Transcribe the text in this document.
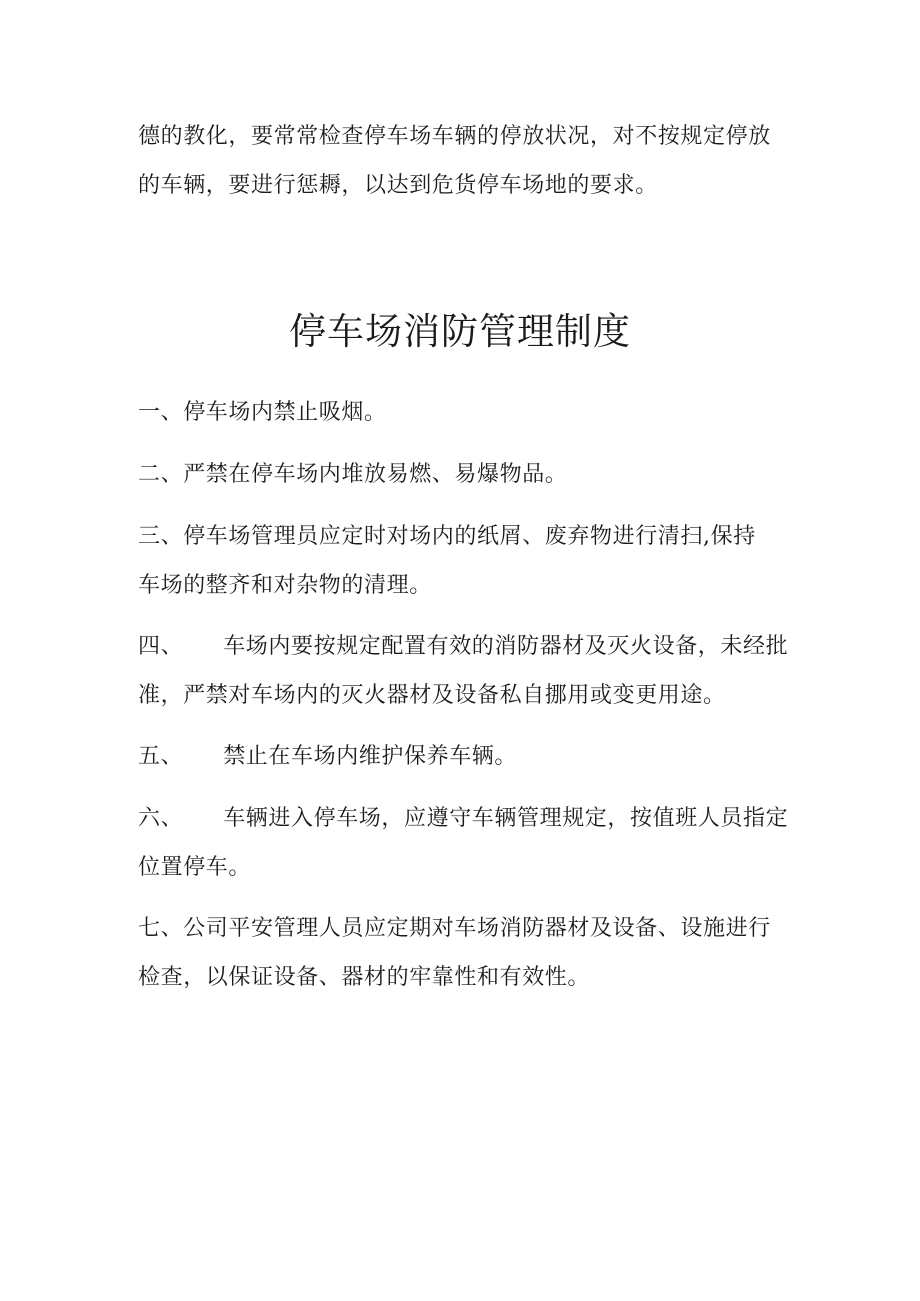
德的教化，要常常检查停车场车辆的停放状况，对不按规定停放
的车辆，要进行惩耨，以达到危货停车场地的要求。
停车场消防管理制度
一、停车场内禁止吸烟。
二、严禁在停车场内堆放易燃、易爆物品。
三、停车场管理员应定时对场内的纸屑、废弃物进行清扫,保持
车场的整齐和对杂物的清理。
四、 车场内要按规定配置有效的消防器材及灭火设备，未经批
准，严禁对车场内的灭火器材及设备私自挪用或变更用途。
五、 禁止在车场内维护保养车辆。
六、 车辆进入停车场，应遵守车辆管理规定，按值班人员指定
位置停车。
七、公司平安管理人员应定期对车场消防器材及设备、设施进行
检查，以保证设备、器材的牢靠性和有效性。
